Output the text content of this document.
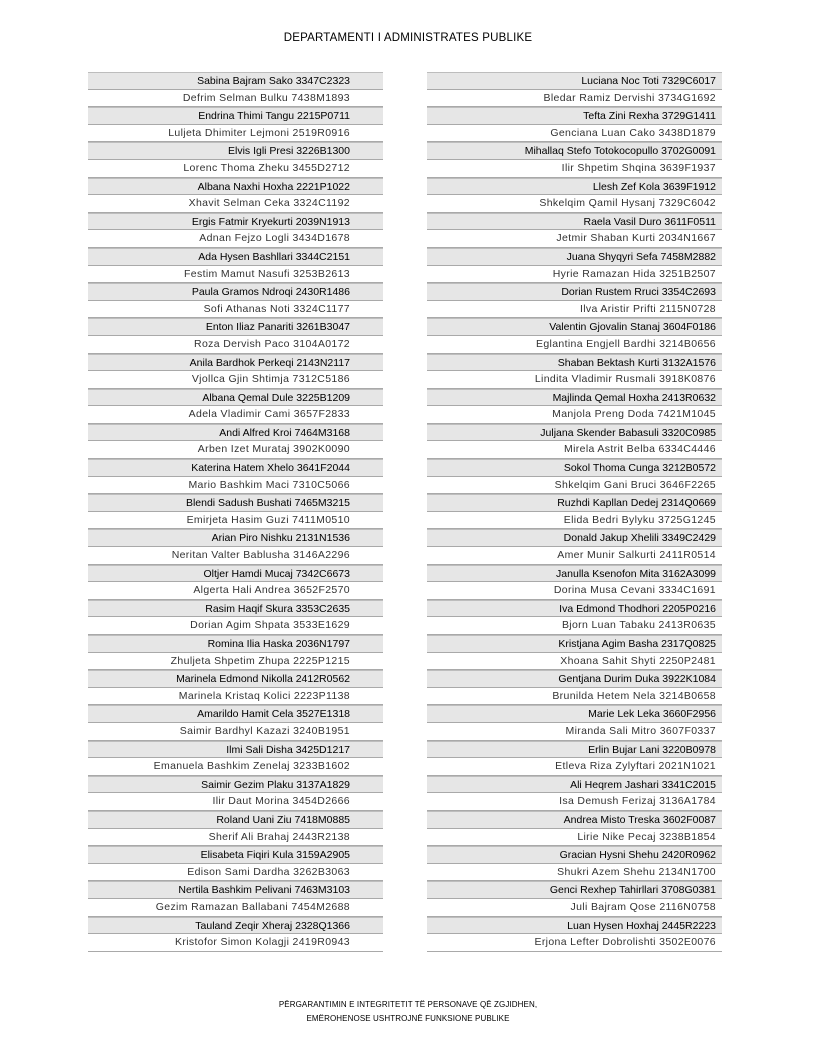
DEPARTAMENTI I ADMINISTRATES PUBLIKE
Sabina Bajram Sako 3347C2323
Defrim Selman Bulku 7438M1893
Endrina Thimi Tangu 2215P0711
Luljeta Dhimiter Lejmoni 2519R0916
Elvis Igli Presi 3226B1300
Lorenc Thoma Zheku 3455D2712
Albana Naxhi Hoxha 2221P1022
Xhavit Selman Ceka 3324C1192
Ergis Fatmir Kryekurti 2039N1913
Adnan Fejzo Logli 3434D1678
Ada Hysen Bashllari 3344C2151
Festim Mamut Nasufi 3253B2613
Paula Gramos Ndroqi 2430R1486
Sofi Athanas Noti 3324C1177
Enton Iliaz Panariti 3261B3047
Roza Dervish Paco 3104A0172
Anila Bardhok Perkeqi 2143N2117
Vjollca Gjin Shtimja 7312C5186
Albana Qemal Dule 3225B1209
Adela Vladimir Cami 3657F2833
Andi Alfred Kroi 7464M3168
Arben Izet Murataj 3902K0090
Katerina Hatem Xhelo 3641F2044
Mario Bashkim Maci 7310C5066
Blendi Sadush Bushati 7465M3215
Emirjeta Hasim Guzi 7411M0510
Arian Piro Nishku 2131N1536
Neritan Valter Bablusha 3146A2296
Oltjer Hamdi Mucaj 7342C6673
Algerta Hali Andrea 3652F2570
Rasim Haqif Skura 3353C2635
Dorian Agim Shpata 3533E1629
Romina Ilia Haska 2036N1797
Zhuljeta Shpetim Zhupa 2225P1215
Marinela Edmond Nikolla 2412R0562
Marinela Kristaq Kolici 2223P1138
Amarildo Hamit Cela 3527E1318
Saimir Bardhyl Kazazi 3240B1951
Ilmi Sali Disha 3425D1217
Emanuela Bashkim Zenelaj 3233B1602
Saimir Gezim Plaku 3137A1829
Ilir Daut Morina 3454D2666
Roland Uani Ziu 7418M0885
Sherif Ali Brahaj 2443R2138
Elisabeta Fiqiri Kula 3159A2905
Edison Sami Dardha 3262B3063
Nertila Bashkim Pelivani 7463M3103
Gezim Ramazan Ballabani 7454M2688
Tauland Zeqir Xheraj 2328Q1366
Kristofor Simon Kolagji 2419R0943
Luciana Noc Toti 7329C6017
Bledar Ramiz Dervishi 3734G1692
Tefta Zini Rexha 3729G1411
Genciana Luan Cako 3438D1879
Mihallaq Stefo Totokocopullo 3702G0091
Ilir Shpetim Shqina 3639F1937
Llesh Zef Kola 3639F1912
Shkelqim Qamil Hysanj 7329C6042
Raela Vasil Duro 3611F0511
Jetmir Shaban Kurti 2034N1667
Juana Shyqyri Sefa 7458M2882
Hyrie Ramazan Hida 3251B2507
Dorian Rustem Rruci 3354C2693
Ilva Aristir Prifti 2115N0728
Valentin Gjovalin Stanaj 3604F0186
Eglantina Engjell Bardhi 3214B0656
Shaban Bektash Kurti 3132A1576
Lindita Vladimir Rusmali 3918K0876
Majlinda Qemal Hoxha 2413R0632
Manjola Preng Doda 7421M1045
Juljana Skender Babasuli 3320C0985
Mirela Astrit Belba 6334C4446
Sokol Thoma Cunga 3212B0572
Shkelqim Gani Bruci 3646F2265
Ruzhdi Kapllan Dedej 2314Q0669
Elida Bedri Bylyku 3725G1245
Donald Jakup Xhelili 3349C2429
Amer Munir Salkurti 2411R0514
Janulla Ksenofon Mita 3162A3099
Dorina Musa Cevani 3334C1691
Iva Edmond Thodhori 2205P0216
Bjorn Luan Tabaku 2413R0635
Kristjana Agim Basha 2317Q0825
Xhoana Sahit Shyti 2250P2481
Gentjana Durim Duka 3922K1084
Brunilda Hetem Nela 3214B0658
Marie Lek Leka 3660F2956
Miranda Sali Mitro 3607F0337
Erlin Bujar Lani 3220B0978
Etleva Riza Zylyftari 2021N1021
Ali Heqrem Jashari 3341C2015
Isa Demush Ferizaj 3136A1784
Andrea Misto Treska 3602F0087
Lirie Nike Pecaj 3238B1854
Gracian Hysni Shehu 2420R0962
Shukri Azem Shehu 2134N1700
Genci Rexhep Tahirllari 3708G0381
Juli Bajram Qose 2116N0758
Luan Hysen Hoxhaj 2445R2223
Erjona Lefter Dobrolishti 3502E0076
PËRGARANTIMIN E INTEGRITETIT TË PERSONAVE QË ZGJIDHEN,
EMËROHENOSE USHTROJNË FUNKSIONE PUBLIKE
